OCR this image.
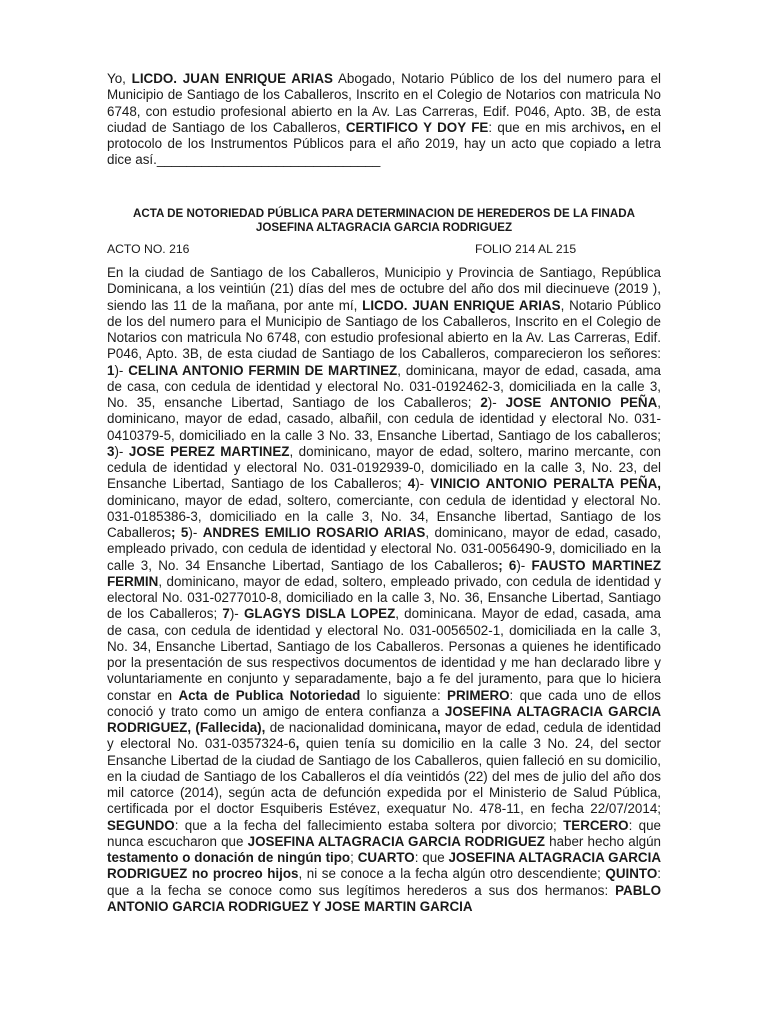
Yo, LICDO. JUAN ENRIQUE ARIAS Abogado, Notario Público de los del numero para el Municipio de Santiago de los Caballeros, Inscrito en el Colegio de Notarios con matricula No 6748, con estudio profesional abierto en la Av. Las Carreras, Edif. P046, Apto. 3B, de esta ciudad de Santiago de los Caballeros, CERTIFICO Y DOY FE: que en mis archivos, en el protocolo de los Instrumentos Públicos para el año 2019, hay un acto que copiado a letra dice así.______________________________

ACTA DE NOTORIEDAD PÚBLICA PARA DETERMINACION DE HEREDEROS DE LA FINADA JOSEFINA ALTAGRACIA GARCIA RODRIGUEZ

ACTO NO. 216	FOLIO 214 AL 215

En la ciudad de Santiago de los Caballeros, Municipio y Provincia de Santiago, República Dominicana, a los veintiún (21) días del mes de octubre del año dos mil diecinueve (2019 ), siendo las 11 de la mañana, por ante mí, LICDO. JUAN ENRIQUE ARIAS, Notario Público de los del numero para el Municipio de Santiago de los Caballeros, Inscrito en el Colegio de Notarios con matricula No 6748, con estudio profesional abierto en la Av. Las Carreras, Edif. P046, Apto. 3B, de esta ciudad de Santiago de los Caballeros, comparecieron los señores: 1)- CELINA ANTONIO FERMIN DE MARTINEZ, dominicana, mayor de edad, casada, ama de casa, con cedula de identidad y electoral No. 031-0192462-3, domiciliada en la calle 3, No. 35, ensanche Libertad, Santiago de los Caballeros; 2)- JOSE ANTONIO PEÑA, dominicano, mayor de edad, casado, albañil, con cedula de identidad y electoral No. 031-0410379-5, domiciliado en la calle 3 No. 33, Ensanche Libertad, Santiago de los caballeros; 3)- JOSE PEREZ MARTINEZ, dominicano, mayor de edad, soltero, marino mercante, con cedula de identidad y electoral No. 031-0192939-0, domiciliado en la calle 3, No. 23, del Ensanche Libertad, Santiago de los Caballeros; 4)- VINICIO ANTONIO PERALTA PEÑA, dominicano, mayor de edad, soltero, comerciante, con cedula de identidad y electoral No. 031-0185386-3, domiciliado en la calle 3, No. 34, Ensanche libertad, Santiago de los Caballeros; 5)- ANDRES EMILIO ROSARIO ARIAS, dominicano, mayor de edad, casado, empleado privado, con cedula de identidad y electoral No. 031-0056490-9, domiciliado en la calle 3, No. 34 Ensanche Libertad, Santiago de los Caballeros; 6)- FAUSTO MARTINEZ FERMIN, dominicano, mayor de edad, soltero, empleado privado, con cedula de identidad y electoral No. 031-0277010-8, domiciliado en la calle 3, No. 36, Ensanche Libertad, Santiago de los Caballeros; 7)- GLAGYS DISLA LOPEZ, dominicana. Mayor de edad, casada, ama de casa, con cedula de identidad y electoral No. 031-0056502-1, domiciliada en la calle 3, No. 34, Ensanche Libertad, Santiago de los Caballeros. Personas a quienes he identificado por la presentación de sus respectivos documentos de identidad y me han declarado libre y voluntariamente en conjunto y separadamente, bajo a fe del juramento, para que lo hiciera constar en Acta de Publica Notoriedad lo siguiente: PRIMERO: que cada uno de ellos conoció y trato como un amigo de entera confianza a JOSEFINA ALTAGRACIA GARCIA RODRIGUEZ, (Fallecida), de nacionalidad dominicana, mayor de edad, cedula de identidad y electoral No. 031-0357324-6, quien tenía su domicilio en la calle 3 No. 24, del sector Ensanche Libertad de la ciudad de Santiago de los Caballeros, quien falleció en su domicilio, en la ciudad de Santiago de los Caballeros el día veintidós (22) del mes de julio del año dos mil catorce (2014), según acta de defunción expedida por el Ministerio de Salud Pública, certificada por el doctor Esquiberis Estévez, exequatur No. 478-11, en fecha 22/07/2014; SEGUNDO: que a la fecha del fallecimiento estaba soltera por divorcio; TERCERO: que nunca escucharon que JOSEFINA ALTAGRACIA GARCIA RODRIGUEZ haber hecho algún testamento o donación de ningún tipo; CUARTO: que JOSEFINA ALTAGRACIA GARCIA RODRIGUEZ no procreo hijos, ni se conoce a la fecha algún otro descendiente; QUINTO: que a la fecha se conoce como sus legítimos herederos a sus dos hermanos: PABLO ANTONIO GARCIA RODRIGUEZ Y JOSE MARTIN GARCIA
